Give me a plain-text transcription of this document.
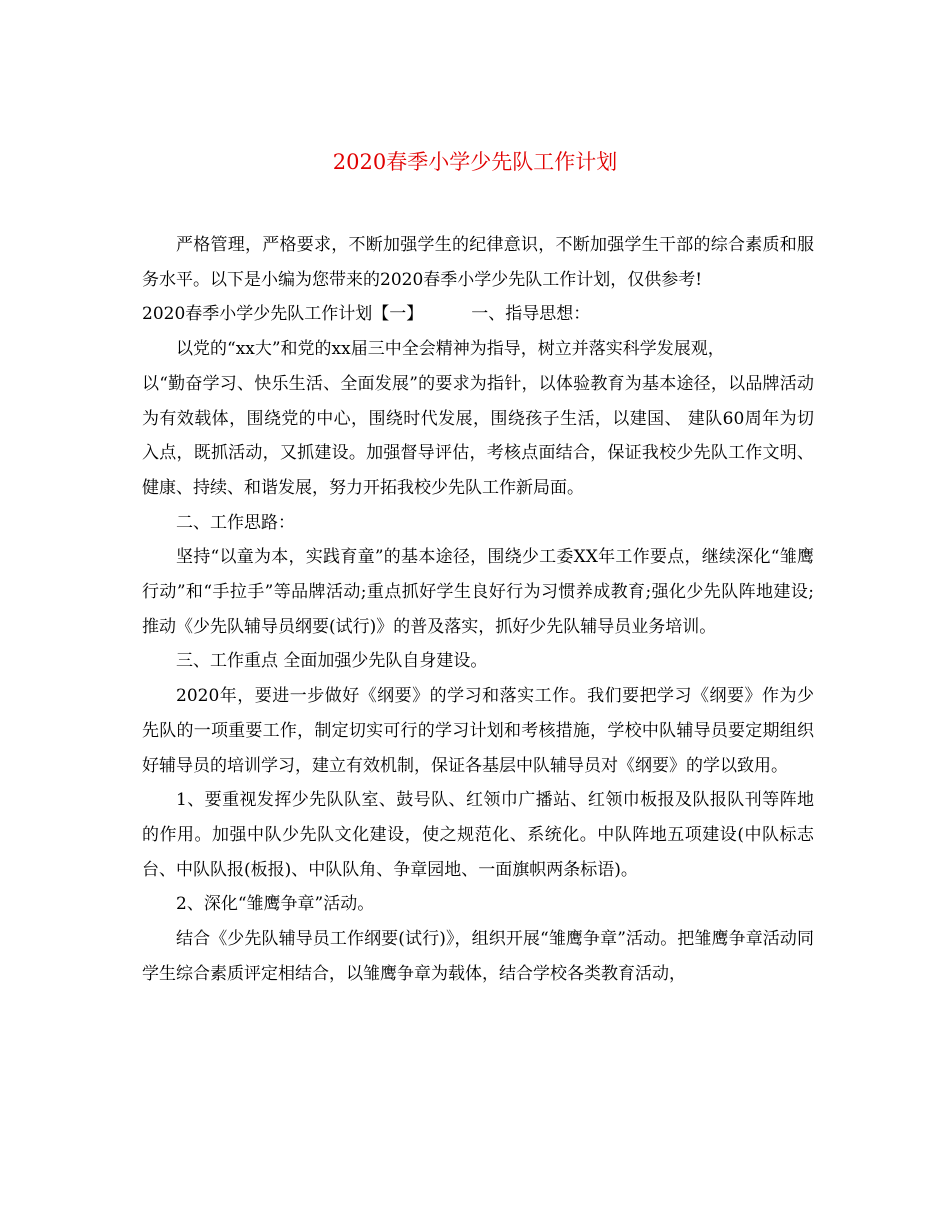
2020春季小学少先队工作计划

严格管理，严格要求，不断加强学生的纪律意识，不断加强学生干部的综合素质和服务水平。以下是小编为您带来的2020春季小学少先队工作计划，仅供参考!

2020春季小学少先队工作计划【一】	一、指导思想：

以党的“xx大”和党的xx届三中全会精神为指导，树立并落实科学发展观，

以“勤奋学习、快乐生活、全面发展”的要求为指针，以体验教育为基本途径，以品牌活动为有效载体，围绕党的中心，围绕时代发展，围绕孩子生活，以建国、 建队60周年为切入点，既抓活动，又抓建设。加强督导评估，考核点面结合，保证我校少先队工作文明、健康、持续、和谐发展，努力开拓我校少先队工作新局面。

二、工作思路：

坚持“以童为本，实践育童”的基本途径，围绕少工委XX年工作要点，继续深化“雏鹰行动”和“手拉手”等品牌活动;重点抓好学生良好行为习惯养成教育;强化少先队阵地建设;推动《少先队辅导员纲要(试行)》的普及落实，抓好少先队辅导员业务培训。

三、工作重点 全面加强少先队自身建设。

2020年，要进一步做好《纲要》的学习和落实工作。我们要把学习《纲要》作为少先队的一项重要工作，制定切实可行的学习计划和考核措施，学校中队辅导员要定期组织好辅导员的培训学习，建立有效机制，保证各基层中队辅导员对《纲要》的学以致用。

1、要重视发挥少先队队室、鼓号队、红领巾广播站、红领巾板报及队报队刊等阵地的作用。加强中队少先队文化建设，使之规范化、系统化。中队阵地五项建设(中队标志台、中队队报(板报)、中队队角、争章园地、一面旗帜两条标语)。

2、深化“雏鹰争章”活动。

结合《少先队辅导员工作纲要(试行)》，组织开展“雏鹰争章”活动。把雏鹰争章活动同学生综合素质评定相结合，以雏鹰争章为载体，结合学校各类教育活动，
